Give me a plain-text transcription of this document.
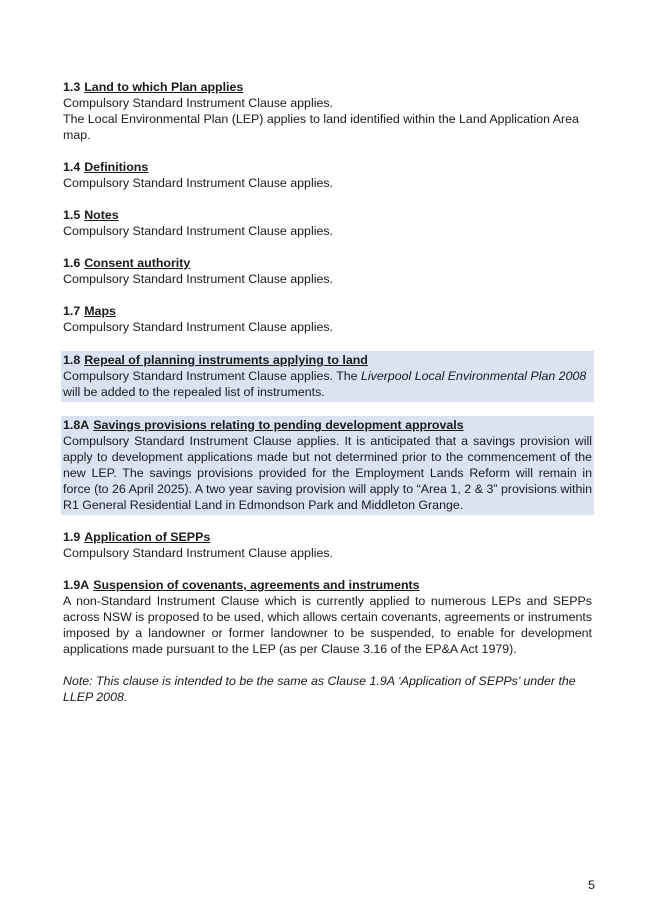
1.3 Land to which Plan applies

Compulsory Standard Instrument Clause applies.

The Local Environmental Plan (LEP) applies to land identified within the Land Application Area map.

1.4 Definitions

Compulsory Standard Instrument Clause applies.

1.5 Notes

Compulsory Standard Instrument Clause applies.

1.6 Consent authority

Compulsory Standard Instrument Clause applies.

1.7 Maps

Compulsory Standard Instrument Clause applies.

1.8 Repeal of planning instruments applying to land

Compulsory Standard Instrument Clause applies. The Liverpool Local Environmental Plan 2008 will be added to the repealed list of instruments.

1.8A Savings provisions relating to pending development approvals

Compulsory Standard Instrument Clause applies. It is anticipated that a savings provision will apply to development applications made but not determined prior to the commencement of the new LEP. The savings provisions provided for the Employment Lands Reform will remain in force (to 26 April 2025). A two year saving provision will apply to “Area 1, 2 & 3” provisions within R1 General Residential Land in Edmondson Park and Middleton Grange.

1.9 Application of SEPPs

Compulsory Standard Instrument Clause applies.

1.9A Suspension of covenants, agreements and instruments

A non-Standard Instrument Clause which is currently applied to numerous LEPs and SEPPs across NSW is proposed to be used, which allows certain covenants, agreements or instruments imposed by a landowner or former landowner to be suspended, to enable for development applications made pursuant to the LEP (as per Clause 3.16 of the EP&A Act 1979).

Note: This clause is intended to be the same as Clause 1.9A ‘Application of SEPPs’ under the LLEP 2008.

5
